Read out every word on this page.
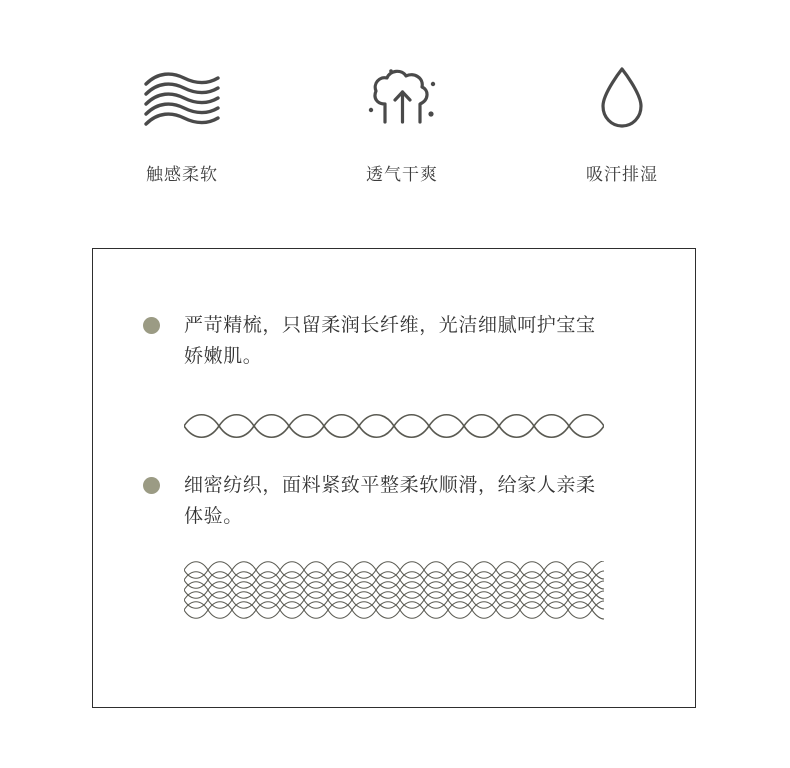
触感柔软	透气干爽	吸汗排湿
严苛精梳，只留柔润长纤维，光洁细腻呵护宝宝娇嫩肌。
细密纺织，面料紧致平整柔软顺滑，给家人亲柔体验。
